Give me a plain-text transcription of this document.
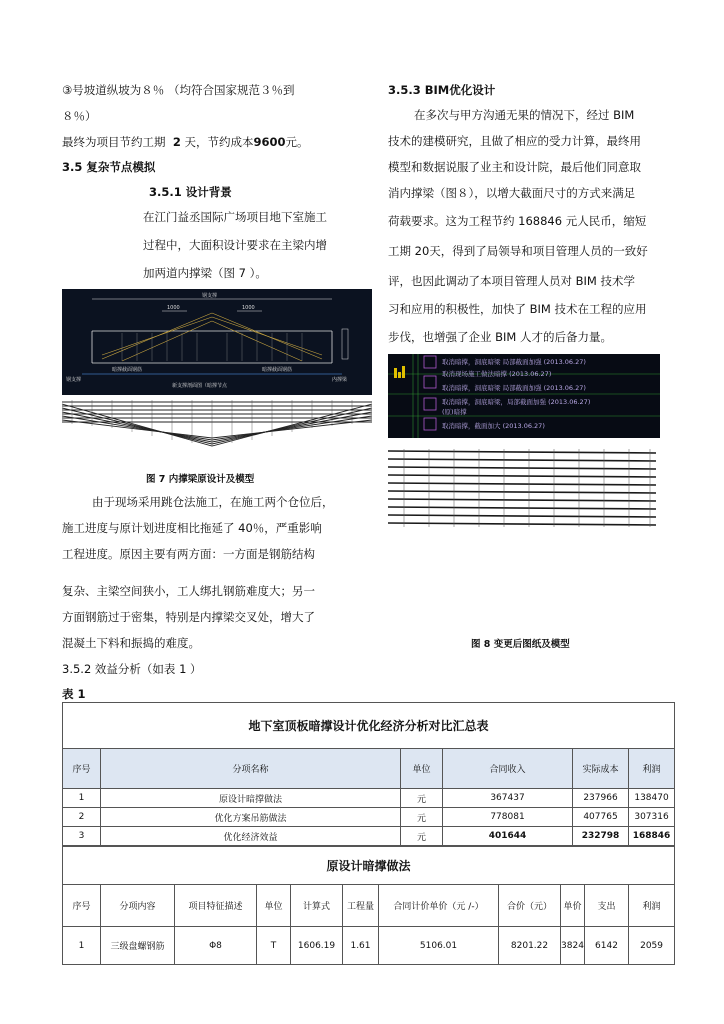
③号坡道纵坡为８％ （均符合国家规范３％到
８％）
最终为项目节约工期 2 天，节约成本9600元。
3.5 复杂节点模拟
3.5.1 设计背景
在江门益丞国际广场项目地下室施工
过程中，大面积设计要求在主梁内增
加两道内撑梁（图 7 ）。
钢支撑
1000	1000
钢支撑	内撑梁
暗撑截面钢筋	暗撑截面钢筋
新支撑剖面图（暗撑节点
图 7 内撑梁原设计及模型
由于现场采用跳仓法施工，在施工两个仓位后，
施工进度与原计划进度相比拖延了 40％，严重影响
工程进度。原因主要有两方面：一方面是钢筋结构
复杂、主梁空间狭小，工人绑扎钢筋难度大；另一
方面钢筋过于密集，特别是内撑梁交叉处，增大了
混凝土下料和振捣的难度。
3.5.2 效益分析（如表 1 ）
3.5.3 BIM优化设计
在多次与甲方沟通无果的情况下，经过 BIM
技术的建模研究，且做了相应的受力计算，最终用
模型和数据说服了业主和设计院，最后他们同意取
消内撑梁（图８），以增大截面尺寸的方式来满足
荷载要求。这为工程节约 168846 元人民币，缩短
工期 20天，得到了局领导和项目管理人员的一致好
评，也因此调动了本项目管理人员对 BIM 技术学
习和应用的积极性，加快了 BIM 技术在工程的应用
步伐，也增强了企业 BIM 人才的后备力量。
取消暗撑，洞底暗梁 局部截面加强 (2013.06.27)
取消现场施工做法暗撑 (2013.06.27)
取消暗撑，洞底暗梁 局部截面加强 (2013.06.27)
取消暗撑，洞底暗梁，局部截面加强 (2013.06.27)
(原)暗撑
取消暗撑，截面加大 (2013.06.27)
图 8 变更后图纸及模型
表 1
地下室顶板暗撑设计优化经济分析对比汇总表					
序号	分项名称	单位	合同收入	实际成本	利润
1	原设计暗撑做法	元	367437	237966	138470
2	优化方案吊筋做法	元	778081	407765	307316
3	优化经济效益	元	401644	232798	168846
原设计暗撑做法										
序号	分项内容	项目特征描述	单位	计算式	工程量	合同计价单价（元 /-）	合价（元）	单价	支出	利润
1	三级盘螺钢筋	Φ8	T	1606.19	1.61	5106.01	8201.22	3824	6142	2059
